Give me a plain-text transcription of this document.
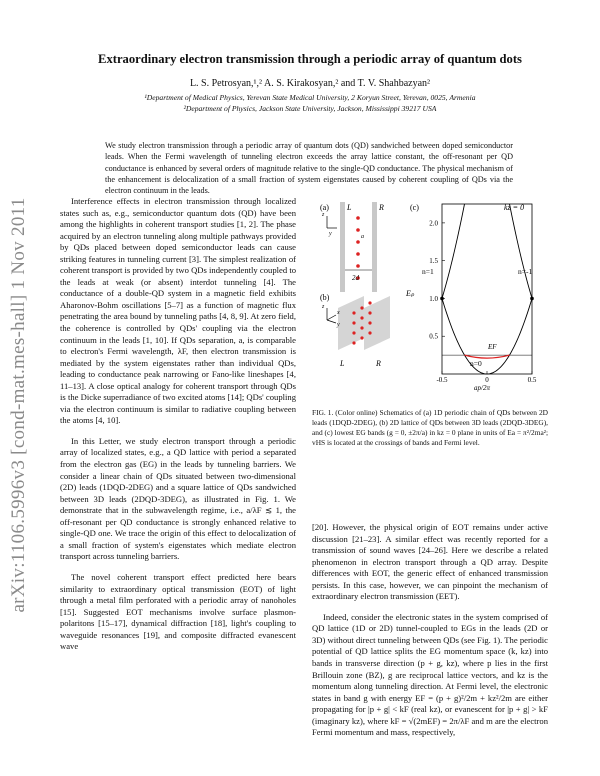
arXiv:1106.5996v3 [cond-mat.mes-hall] 1 Nov 2011
Extraordinary electron transmission through a periodic array of quantum dots
L. S. Petrosyan,¹,² A. S. Kirakosyan,² and T. V. Shahbazyan²
¹Department of Medical Physics, Yerevan State Medical University, 2 Koryun Street, Yerevan, 0025, Armenia
²Department of Physics, Jackson State University, Jackson, Mississippi 39217 USA

We study electron transmission through a periodic array of quantum dots (QD) sandwiched between doped semiconductor leads. When the Fermi wavelength of tunneling electron exceeds the array lattice constant, the off-resonant per QD conductance is enhanced by several orders of magnitude relative to the single-QD conductance. The physical mechanism of the enhancement is delocalization of a small fraction of system eigenstates caused by coherent coupling of QDs via the electron continuum in the leads.

Interference effects in electron transmission through localized states such as, e.g., semiconductor quantum dots (QD) have been among the highlights in coherent transport studies [1, 2]. The phase acquired by an electron tunneling along multiple pathways provided by QDs placed between doped semiconductor leads can cause striking features in tunneling current [3]. The simplest realization of coherent transport is provided by two QDs independently coupled to the leads at weak (or absent) interdot tunneling [4]. The conductance of a double-QD system in a magnetic field exhibits Aharonov-Bohm oscillations [5–7] as a function of magnetic flux penetrating the area bound by tunneling paths [4, 8, 9]. At zero field, the coherence is controlled by QDs' coupling via the electron continuum in the leads [1, 10]. If QDs separation, a, is comparable to electron's Fermi wavelength, λF, then electron transmission is mediated by the system eigenstates rather than individual QDs, leading to conductance peak narrowing or Fano-like lineshapes [4, 11–13]. A close optical analogy for coherent transport through QDs is the Dicke superradiance of two excited atoms [14]; QDs' coupling via the electron continuum is similar to radiative coupling between the atoms [4, 10].

In this Letter, we study electron transport through a periodic array of localized states, e.g., a QD lattice with period a separated from the electron gas (EG) in the leads by tunneling barriers. We consider a linear chain of QDs situated between two-dimensional (2D) leads (1DQD-2DEG) and a square lattice of QDs sandwiched between 3D leads (2DQD-3DEG), as illustrated in Fig. 1. We demonstrate that in the subwavelength regime, i.e., a/λF ≲ 1, the off-resonant per QD conductance is strongly enhanced relative to single-QD one. We trace the origin of this effect to delocalization of a small fraction of system's eigenstates which mediate electron transport across tunneling barriers.

The novel coherent transport effect predicted here bears similarity to extraordinary optical transmission (EOT) of light through a metal film perforated with a periodic array of nanoholes [15]. Suggested EOT mechanisms involve surface plasmon-polaritons [15–17], dynamical diffraction [18], light's coupling to waveguide resonances [19], and composite diffracted evanescent wave

(a) L	R
z
y	a
2d
(b)
z
x
y
L	R
(c)
0.5
1.0
1.5
2.0
-0.5	0	0.5
kz = 0
n=1	n=-1
n=0
EF
Eₚ
ap/2π

FIG. 1. (Color online) Schematics of (a) 1D periodic chain of QDs between 2D leads (1DQD-2DEG), (b) 2D lattice of QDs between 3D leads (2DQD-3DEG), and (c) lowest EG bands (g = 0, ±2π/a) in kz = 0 plane in units of Ea = π²/2ma²; vHS is located at the crossings of bands and Fermi level.

[20]. However, the physical origin of EOT remains under active discussion [21–23]. A similar effect was recently reported for a transmission of sound waves [24–26]. Here we describe a related phenomenon in electron transport through a QD array. Despite differences with EOT, the generic effect of enhanced transmission persists. In this case, however, we can pinpoint the mechanism of extraordinary electron transmission (EET).

Indeed, consider the electronic states in the system comprised of QD lattice (1D or 2D) tunnel-coupled to EGs in the leads (2D or 3D) without direct tunneling between QDs (see Fig. 1). The periodic potential of QD lattice splits the EG momentum space (k, kz) into bands in transverse direction (p + g, kz), where p lies in the first Brillouin zone (BZ), g are reciprocal lattice vectors, and kz is the momentum along tunneling direction. At Fermi level, the electronic states in band g with energy EF = (p + g)²/2m + kz²/2m are either propagating for |p + g| < kF (real kz), or evanescent for |p + g| > kF (imaginary kz), where kF = √(2mEF) = 2π/λF and m are the electron Fermi momentum and mass, respectively,
